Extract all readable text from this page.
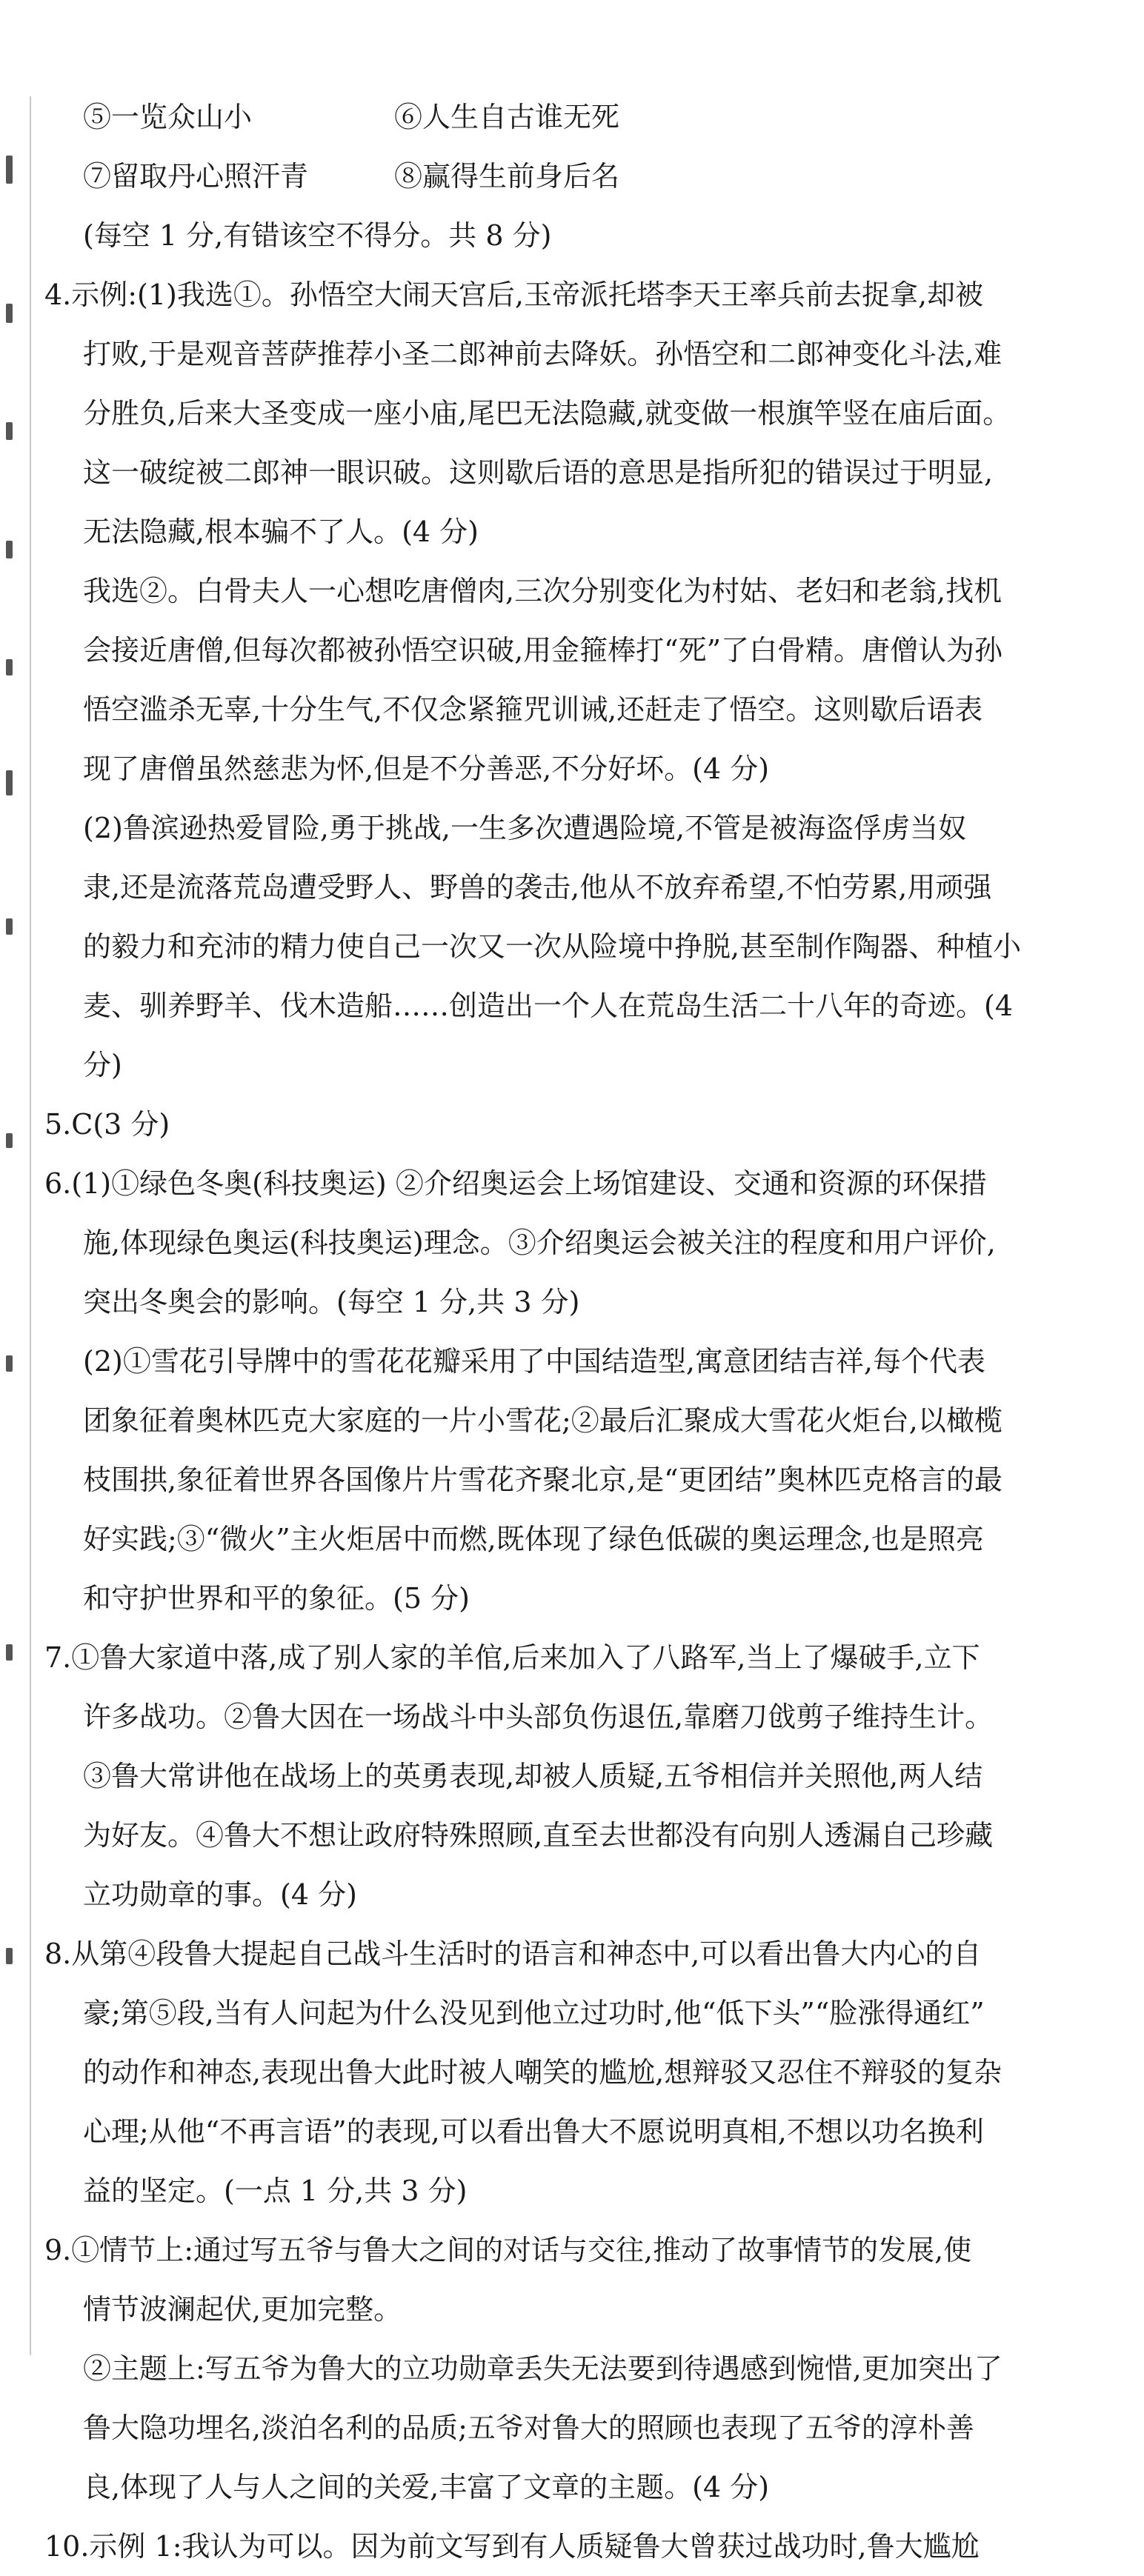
⑤一览众山小	⑥人生自古谁无死
⑦留取丹心照汗青	⑧赢得生前身后名
(每空 1 分,有错该空不得分。共 8 分)
4.示例:(1)我选①。孙悟空大闹天宫后,玉帝派托塔李天王率兵前去捉拿,却被
打败,于是观音菩萨推荐小圣二郎神前去降妖。孙悟空和二郎神变化斗法,难
分胜负,后来大圣变成一座小庙,尾巴无法隐藏,就变做一根旗竿竖在庙后面。
这一破绽被二郎神一眼识破。这则歇后语的意思是指所犯的错误过于明显,
无法隐藏,根本骗不了人。(4 分)
我选②。白骨夫人一心想吃唐僧肉,三次分别变化为村姑、老妇和老翁,找机
会接近唐僧,但每次都被孙悟空识破,用金箍棒打“死”了白骨精。唐僧认为孙
悟空滥杀无辜,十分生气,不仅念紧箍咒训诫,还赶走了悟空。这则歇后语表
现了唐僧虽然慈悲为怀,但是不分善恶,不分好坏。(4 分)
(2)鲁滨逊热爱冒险,勇于挑战,一生多次遭遇险境,不管是被海盗俘虏当奴
隶,还是流落荒岛遭受野人、野兽的袭击,他从不放弃希望,不怕劳累,用顽强
的毅力和充沛的精力使自己一次又一次从险境中挣脱,甚至制作陶器、种植小
麦、驯养野羊、伐木造船……创造出一个人在荒岛生活二十八年的奇迹。(4
分)
5.C(3 分)
6.(1)①绿色冬奥(科技奥运) ②介绍奥运会上场馆建设、交通和资源的环保措
施,体现绿色奥运(科技奥运)理念。③介绍奥运会被关注的程度和用户评价,
突出冬奥会的影响。(每空 1 分,共 3 分)
(2)①雪花引导牌中的雪花花瓣采用了中国结造型,寓意团结吉祥,每个代表
团象征着奥林匹克大家庭的一片小雪花;②最后汇聚成大雪花火炬台,以橄榄
枝围拱,象征着世界各国像片片雪花齐聚北京,是“更团结”奥林匹克格言的最
好实践;③“微火”主火炬居中而燃,既体现了绿色低碳的奥运理念,也是照亮
和守护世界和平的象征。(5 分)
7.①鲁大家道中落,成了别人家的羊倌,后来加入了八路军,当上了爆破手,立下
许多战功。②鲁大因在一场战斗中头部负伤退伍,靠磨刀戗剪子维持生计。
③鲁大常讲他在战场上的英勇表现,却被人质疑,五爷相信并关照他,两人结
为好友。④鲁大不想让政府特殊照顾,直至去世都没有向别人透漏自己珍藏
立功勋章的事。(4 分)
8.从第④段鲁大提起自己战斗生活时的语言和神态中,可以看出鲁大内心的自
豪;第⑤段,当有人问起为什么没见到他立过功时,他“低下头”“脸涨得通红”
的动作和神态,表现出鲁大此时被人嘲笑的尴尬,想辩驳又忍住不辩驳的复杂
心理;从他“不再言语”的表现,可以看出鲁大不愿说明真相,不想以功名换利
益的坚定。(一点 1 分,共 3 分)
9.①情节上:通过写五爷与鲁大之间的对话与交往,推动了故事情节的发展,使
情节波澜起伏,更加完整。
②主题上:写五爷为鲁大的立功勋章丢失无法要到待遇感到惋惜,更加突出了
鲁大隐功埋名,淡泊名利的品质;五爷对鲁大的照顾也表现了五爷的淳朴善
良,体现了人与人之间的关爱,丰富了文章的主题。(4 分)
10.示例 1:我认为可以。因为前文写到有人质疑鲁大曾获过战功时,鲁大尴尬
